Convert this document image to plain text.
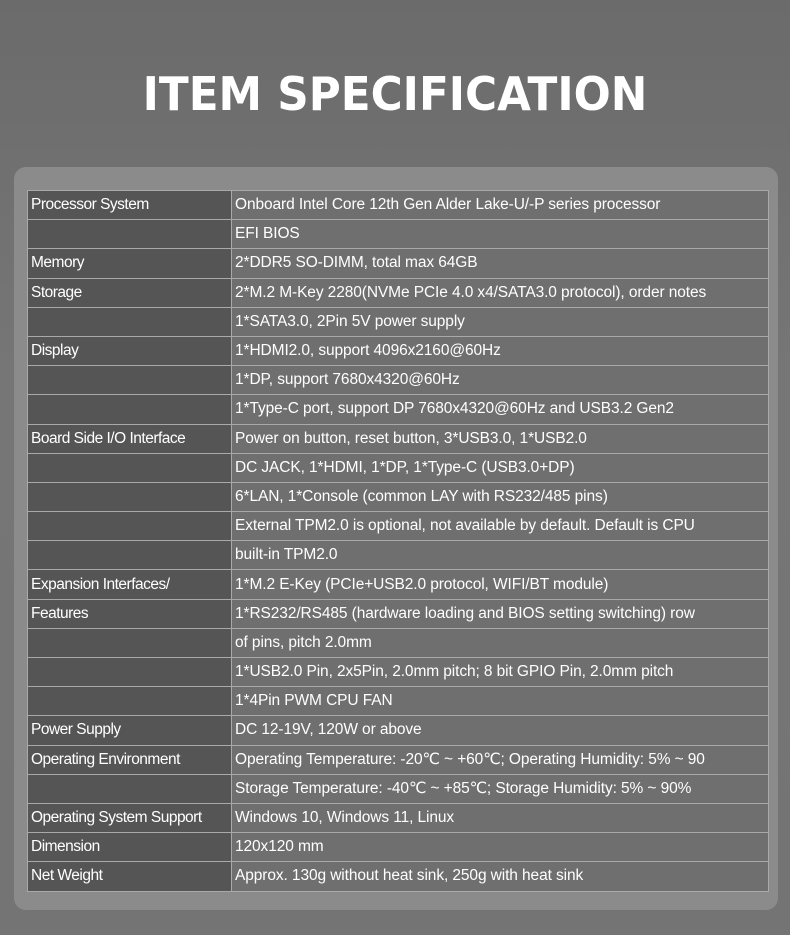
ITEM SPECIFICATION
Processor System	Onboard Intel Core 12th Gen Alder Lake-U/-P series processor
	EFI BIOS
Memory	2*DDR5 SO-DIMM, total max 64GB
Storage	2*M.2 M-Key 2280(NVMe PCIe 4.0 x4/SATA3.0 protocol), order notes
	1*SATA3.0, 2Pin 5V power supply
Display	1*HDMI2.0, support 4096x2160@60Hz
	1*DP, support 7680x4320@60Hz
	1*Type-C port, support DP 7680x4320@60Hz and USB3.2 Gen2
Board Side I/O Interface	Power on button, reset button, 3*USB3.0, 1*USB2.0
	DC JACK, 1*HDMI, 1*DP, 1*Type-C (USB3.0+DP)
	6*LAN, 1*Console (common LAY with RS232/485 pins)
	External TPM2.0 is optional, not available by default. Default is CPU
	built-in TPM2.0
Expansion Interfaces/	1*M.2 E-Key (PCIe+USB2.0 protocol, WIFI/BT module)
Features	1*RS232/RS485 (hardware loading and BIOS setting switching) row
	of pins, pitch 2.0mm
	1*USB2.0 Pin, 2x5Pin, 2.0mm pitch; 8 bit GPIO Pin, 2.0mm pitch
	1*4Pin PWM CPU FAN
Power Supply	DC 12-19V, 120W or above
Operating Environment	Operating Temperature: -20℃ ~ +60℃; Operating Humidity: 5% ~ 90
	Storage Temperature: -40℃ ~ +85℃; Storage Humidity: 5% ~ 90%
Operating System Support	Windows 10, Windows 11, Linux
Dimension	120x120 mm
Net Weight	Approx. 130g without heat sink, 250g with heat sink
